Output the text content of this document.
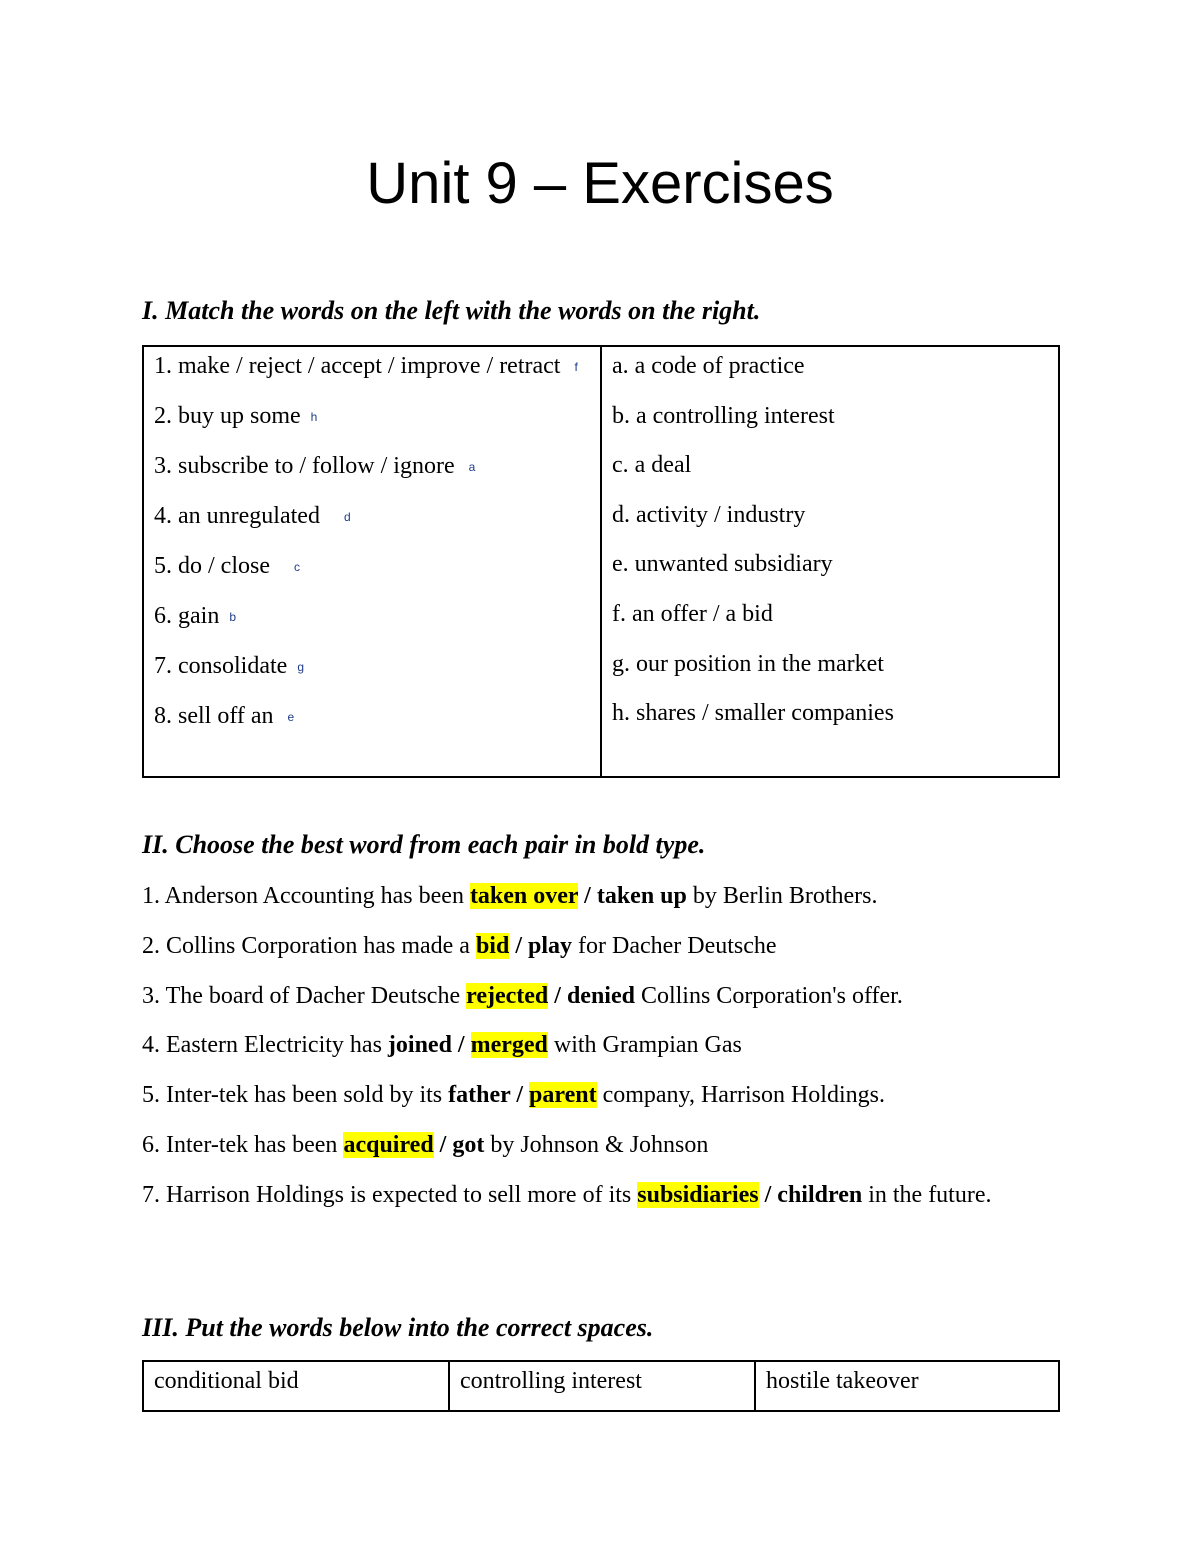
Unit 9 – Exercises

I. Match the words on the left with the words on the right.

1. make / reject / accept / improve / retract f
2. buy up some h
3. subscribe to / follow / ignore a
4. an unregulated d
5. do / close c
6. gain b
7. consolidate g
8. sell off an e
a. a code of practice
b. a controlling interest
c. a deal
d. activity / industry
e. unwanted subsidiary
f. an offer / a bid
g. our position in the market
h. shares / smaller companies

II. Choose the best word from each pair in bold type.

1. Anderson Accounting has been taken over / taken up by Berlin Brothers.

2. Collins Corporation has made a bid / play for Dacher Deutsche

3. The board of Dacher Deutsche rejected / denied Collins Corporation's offer.

4. Eastern Electricity has joined / merged with Grampian Gas

5. Inter-tek has been sold by its father / parent company, Harrison Holdings.

6. Inter-tek has been acquired / got by Johnson & Johnson

7. Harrison Holdings is expected to sell more of its subsidiaries / children in the future.

III. Put the words below into the correct spaces.

conditional bid	controlling interest	hostile takeover
